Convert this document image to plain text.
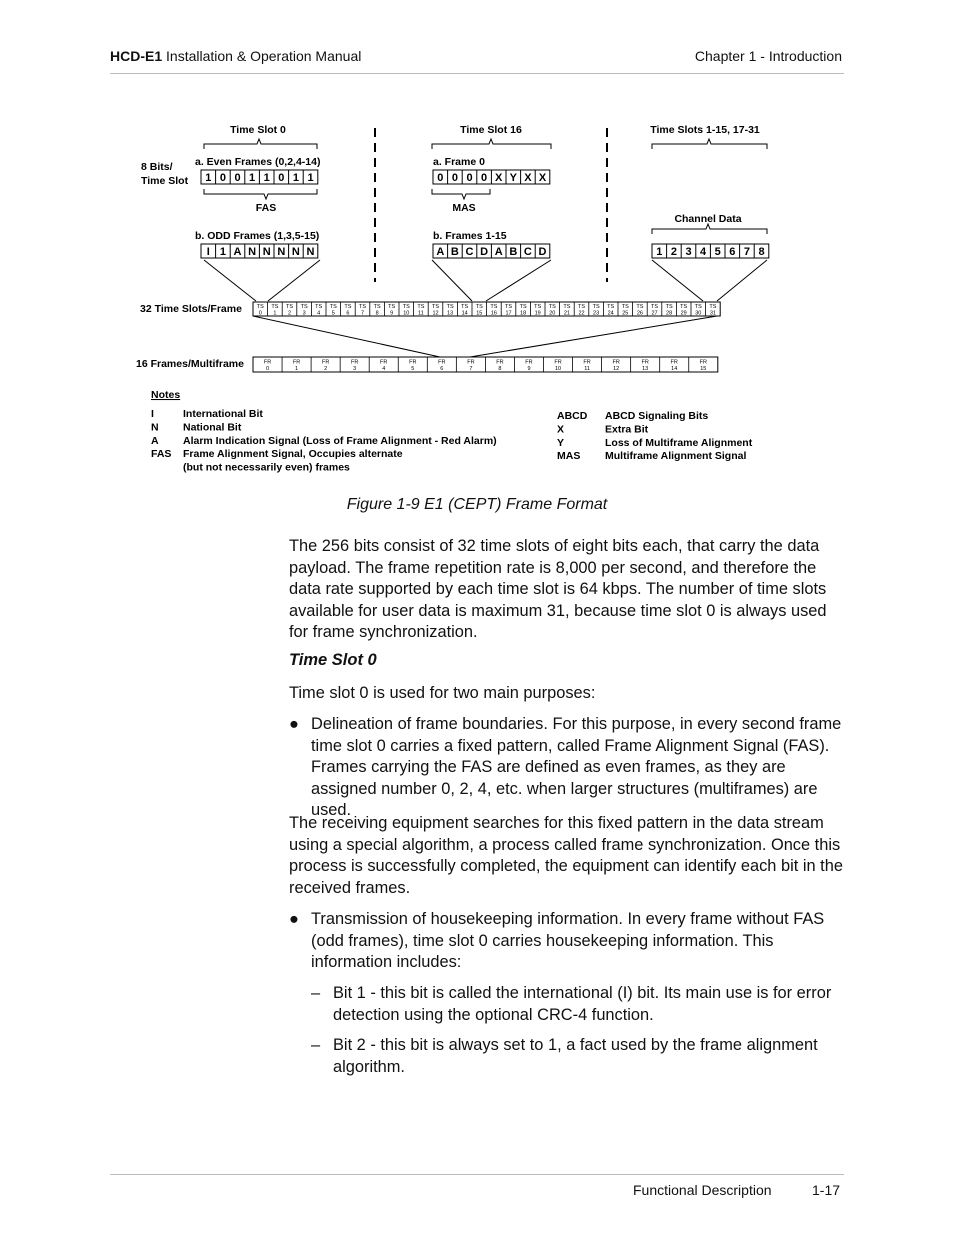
HCD-E1 Installation & Operation Manual	Chapter 1 - Introduction
Time Slot 0	Time Slot 16	Time Slots 1-15, 17-31
8 Bits/
Time Slot
a. Even Frames (0,2,4-14)
FAS
b. ODD Frames (1,3,5-15)
a. Frame 0
MAS
b. Frames 1-15
Channel Data
32 Time Slots/Frame
16 Frames/Multiframe
Notes
1 0 0 1 1 0 1 1
I 1 A N N N N N
0 0 0 0 X Y X X
A B C D A B C D	1 2 3 4 5 6 7 8
TS
0
TS
1
TS
2
TS
3
TS
4
TS
5
TS
6
TS
7
TS
8
TS
9
TS
10
TS
11
TS
12
TS
13
TS
14
TS
15
TS
16
TS
17
TS
18
TS
19
TS
20
TS
21
TS
22
TS
23
TS
24
TS
25
TS
26
TS
27
TS
28
TS
29
TS
30
TS
31
FR
0
FR
1
FR
2
FR
3
FR
4
FR
5
FR
6
FR
7
FR
8
FR
9
FR
10
FR
11
FR
12
FR
13
FR
14
FR
15
I	International Bit
N National Bit
A Alarm Indication Signal (Loss of Frame Alignment - Red Alarm)
FAS Frame Alignment Signal, Occupies alternate
(but not necessarily even) frames
ABCD ABCD Signaling Bits
X	Extra Bit
Y	Loss of Multiframe Alignment
MAS Multiframe Alignment Signal
Figure 1-9 E1 (CEPT) Frame Format

The 256 bits consist of 32 time slots of eight bits each, that carry the data payload. The frame repetition rate is 8,000 per second, and therefore the data rate supported by each time slot is 64 kbps. The number of time slots available for user data is maximum 31, because time slot 0 is always used for frame synchronization.

Time Slot 0

Time slot 0 is used for two main purposes:

● Delineation of frame boundaries. For this purpose, in every second frame time slot 0 carries a fixed pattern, called Frame Alignment Signal (FAS). Frames carrying the FAS are defined as even frames, as they are assigned number 0, 2, 4, etc. when larger structures (multiframes) are used.

The receiving equipment searches for this fixed pattern in the data stream using a special algorithm, a process called frame synchronization. Once this process is successfully completed, the equipment can identify each bit in the received frames.

● Transmission of housekeeping information. In every frame without FAS (odd frames), time slot 0 carries housekeeping information. This information includes:
– Bit 1 - this bit is called the international (I) bit. Its main use is for error detection using the optional CRC-4 function.
– Bit 2 - this bit is always set to 1, a fact used by the frame alignment algorithm.
Functional Description	1-17
